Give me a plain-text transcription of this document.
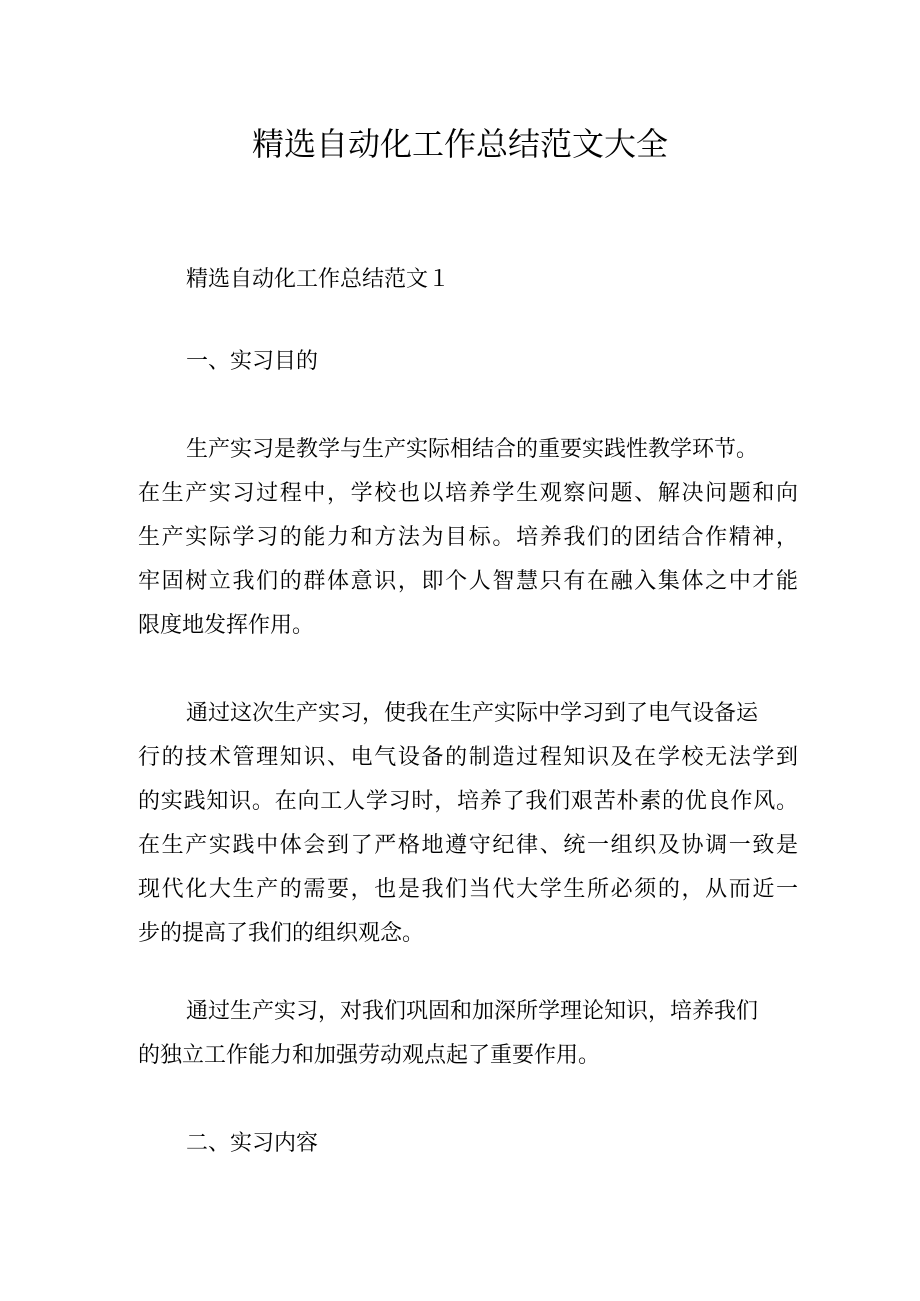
精选自动化工作总结范文大全

精选自动化工作总结范文１

一、实习目的

生产实习是教学与生产实际相结合的重要实践性教学环节。

在生产实习过程中，学校也以培养学生观察问题、解决问题和向

生产实际学习的能力和方法为目标。培养我们的团结合作精神，

牢固树立我们的群体意识，即个人智慧只有在融入集体之中才能

限度地发挥作用。

通过这次生产实习，使我在生产实际中学习到了电气设备运

行的技术管理知识、电气设备的制造过程知识及在学校无法学到

的实践知识。在向工人学习时，培养了我们艰苦朴素的优良作风。

在生产实践中体会到了严格地遵守纪律、统一组织及协调一致是

现代化大生产的需要，也是我们当代大学生所必须的，从而近一

步的提高了我们的组织观念。

通过生产实习，对我们巩固和加深所学理论知识，培养我们

的独立工作能力和加强劳动观点起了重要作用。

二、实习内容
